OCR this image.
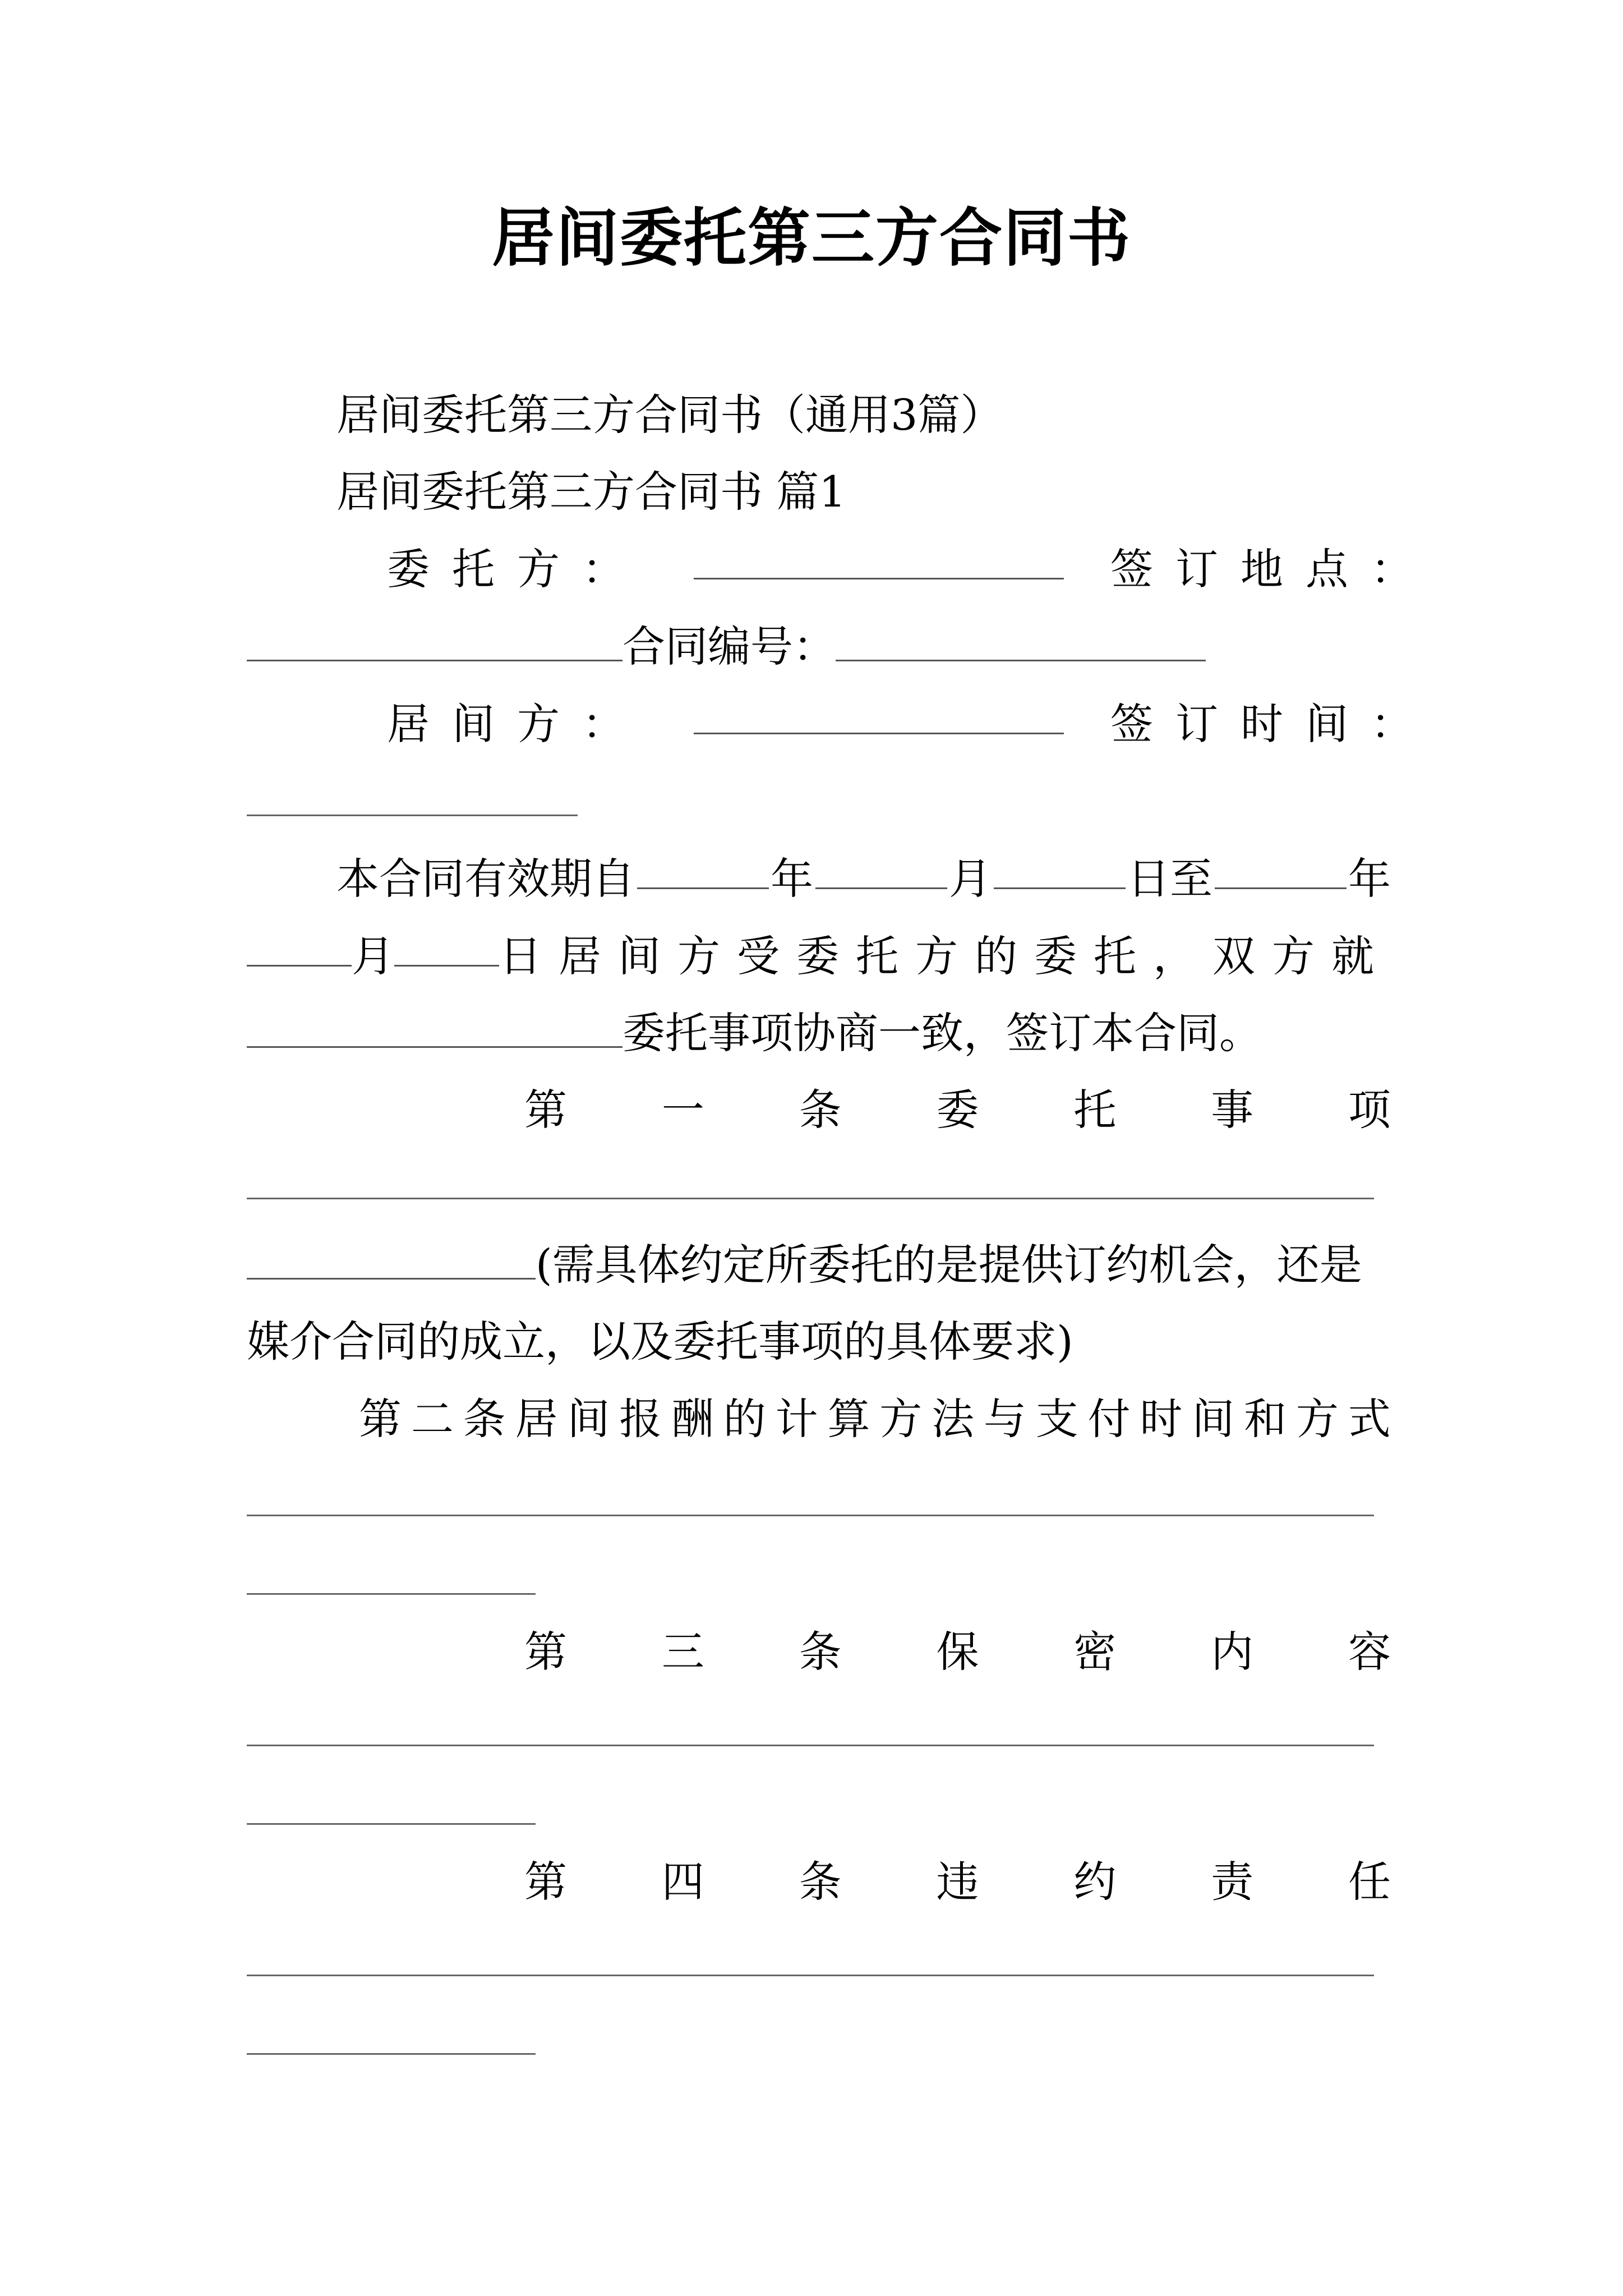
居间委托第三方合同书
居间委托第三方合同书（通用3篇）
居间委托第三方合同书 篇1
委托方：	签订地点：
合同编号：
居间方：	签订时间：
本合同有效期自	年	月	日至	年
月 日居间方受委托方的委托，双方就
委托事项协商一致，签订本合同。
第 一 条 委 托 事 项
(需具体约定所委托的是提供订约机会，还是
媒介合同的成立，以及委托事项的具体要求)
第 二 条 居 间 报 酬 的 计 算 方 法 与 支 付 时 间 和 方 式
第 三 条 保 密 内 容
第 四 条 违 约 责 任
